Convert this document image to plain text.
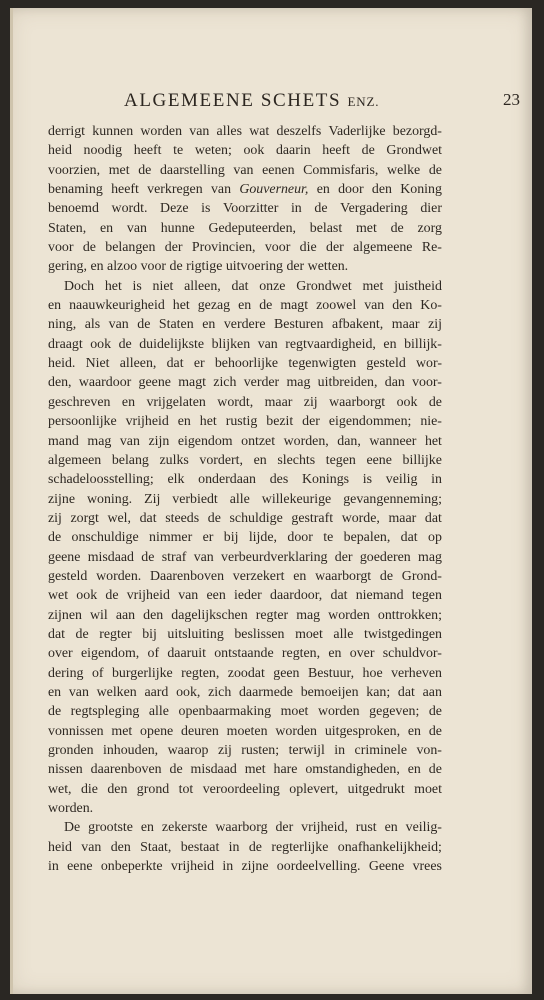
ALGEMEENE SCHETS ENZ.	23
derrigt kunnen worden van alles wat deszelfs Vaderlijke bezorgd-
heid noodig heeft te weten; ook daarin heeft de Grondwet
voorzien, met de daarstelling van eenen Commisfaris, welke de
benaming heeft verkregen van Gouverneur, en door den Koning
benoemd wordt. Deze is Voorzitter in de Vergadering dier
Staten, en van hunne Gedeputeerden, belast met de zorg
voor de belangen der Provincien, voor die der algemeene Re-
gering, en alzoo voor de rigtige uitvoering der wetten.
Doch het is niet alleen, dat onze Grondwet met juistheid
en naauwkeurigheid het gezag en de magt zoowel van den Ko-
ning, als van de Staten en verdere Besturen afbakent, maar zij
draagt ook de duidelijkste blijken van regtvaardigheid, en billijk-
heid. Niet alleen, dat er behoorlijke tegenwigten gesteld wor-
den, waardoor geene magt zich verder mag uitbreiden, dan voor-
geschreven en vrijgelaten wordt, maar zij waarborgt ook de
persoonlijke vrijheid en het rustig bezit der eigendommen; nie-
mand mag van zijn eigendom ontzet worden, dan, wanneer het
algemeen belang zulks vordert, en slechts tegen eene billijke
schadeloosstelling; elk onderdaan des Konings is veilig in
zijne woning. Zij verbiedt alle willekeurige gevangenneming;
zij zorgt wel, dat steeds de schuldige gestraft worde, maar dat
de onschuldige nimmer er bij lijde, door te bepalen, dat op
geene misdaad de straf van verbeurdverklaring der goederen mag
gesteld worden. Daarenboven verzekert en waarborgt de Grond-
wet ook de vrijheid van een ieder daardoor, dat niemand tegen
zijnen wil aan den dagelijkschen regter mag worden onttrokken;
dat de regter bij uitsluiting beslissen moet alle twistgedingen
over eigendom, of daaruit ontstaande regten, en over schuldvor-
dering of burgerlijke regten, zoodat geen Bestuur, hoe verheven
en van welken aard ook, zich daarmede bemoeijen kan; dat aan
de regtspleging alle openbaarmaking moet worden gegeven; de
vonnissen met opene deuren moeten worden uitgesproken, en de
gronden inhouden, waarop zij rusten; terwijl in criminele von-
nissen daarenboven de misdaad met hare omstandigheden, en de
wet, die den grond tot veroordeeling oplevert, uitgedrukt moet
worden.
De grootste en zekerste waarborg der vrijheid, rust en veilig-
heid van den Staat, bestaat in de regterlijke onafhankelijkheid;
in eene onbeperkte vrijheid in zijne oordeelvelling. Geene vrees
